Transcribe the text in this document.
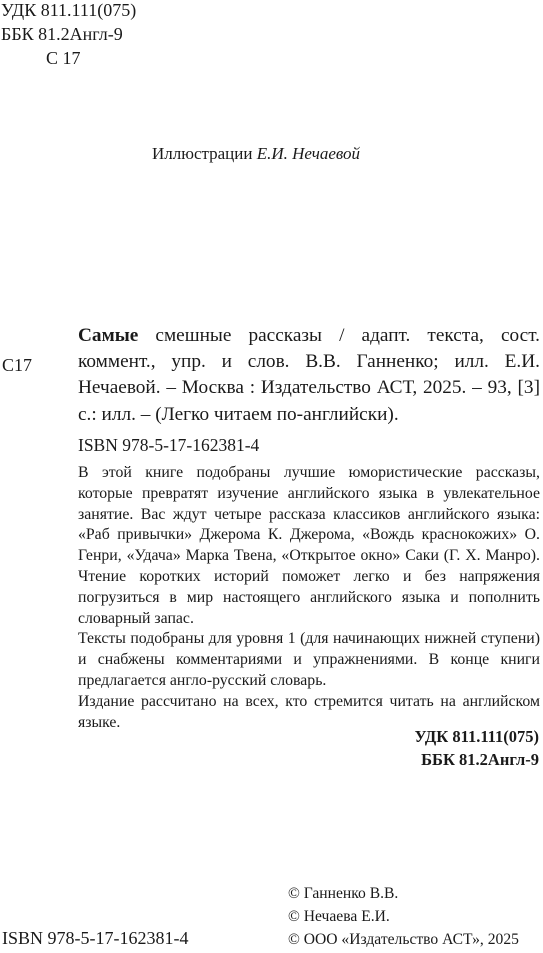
УДК 811.111(075)
ББК 81.2Англ-9
С 17
Иллюстрации Е.И. Нечаевой
С17
Самые смешные рассказы / адапт. текста, сост. коммент., упр. и слов. В.В. Ганненко; илл. Е.И. Нечаевой. – Москва : Издательство АСТ, 2025. – 93, [3] с.: илл. – (Легко читаем по-английски).
ISBN 978-5-17-162381-4

В этой книге подобраны лучшие юмористические рассказы, которые превратят изучение английского языка в увлекательное занятие. Вас ждут четыре рассказа классиков английского языка: «Раб привычки» Джерома К. Джерома, «Вождь краснокожих» О. Генри, «Удача» Марка Твена, «Открытое окно» Саки (Г. Х. Манро). Чтение коротких историй поможет легко и без напряжения погрузиться в мир настоящего английского языка и пополнить словарный запас.

Тексты подобраны для уровня 1 (для начинающих нижней ступени) и снабжены комментариями и упражнениями. В конце книги предлагается англо-русский словарь.

Издание рассчитано на всех, кто стремится читать на английском языке.

УДК 811.111(075)
ББК 81.2Англ-9
© Ганненко В.В.
© Нечаева Е.И.
© ООО «Издательство АСТ», 2025
ISBN 978-5-17-162381-4
